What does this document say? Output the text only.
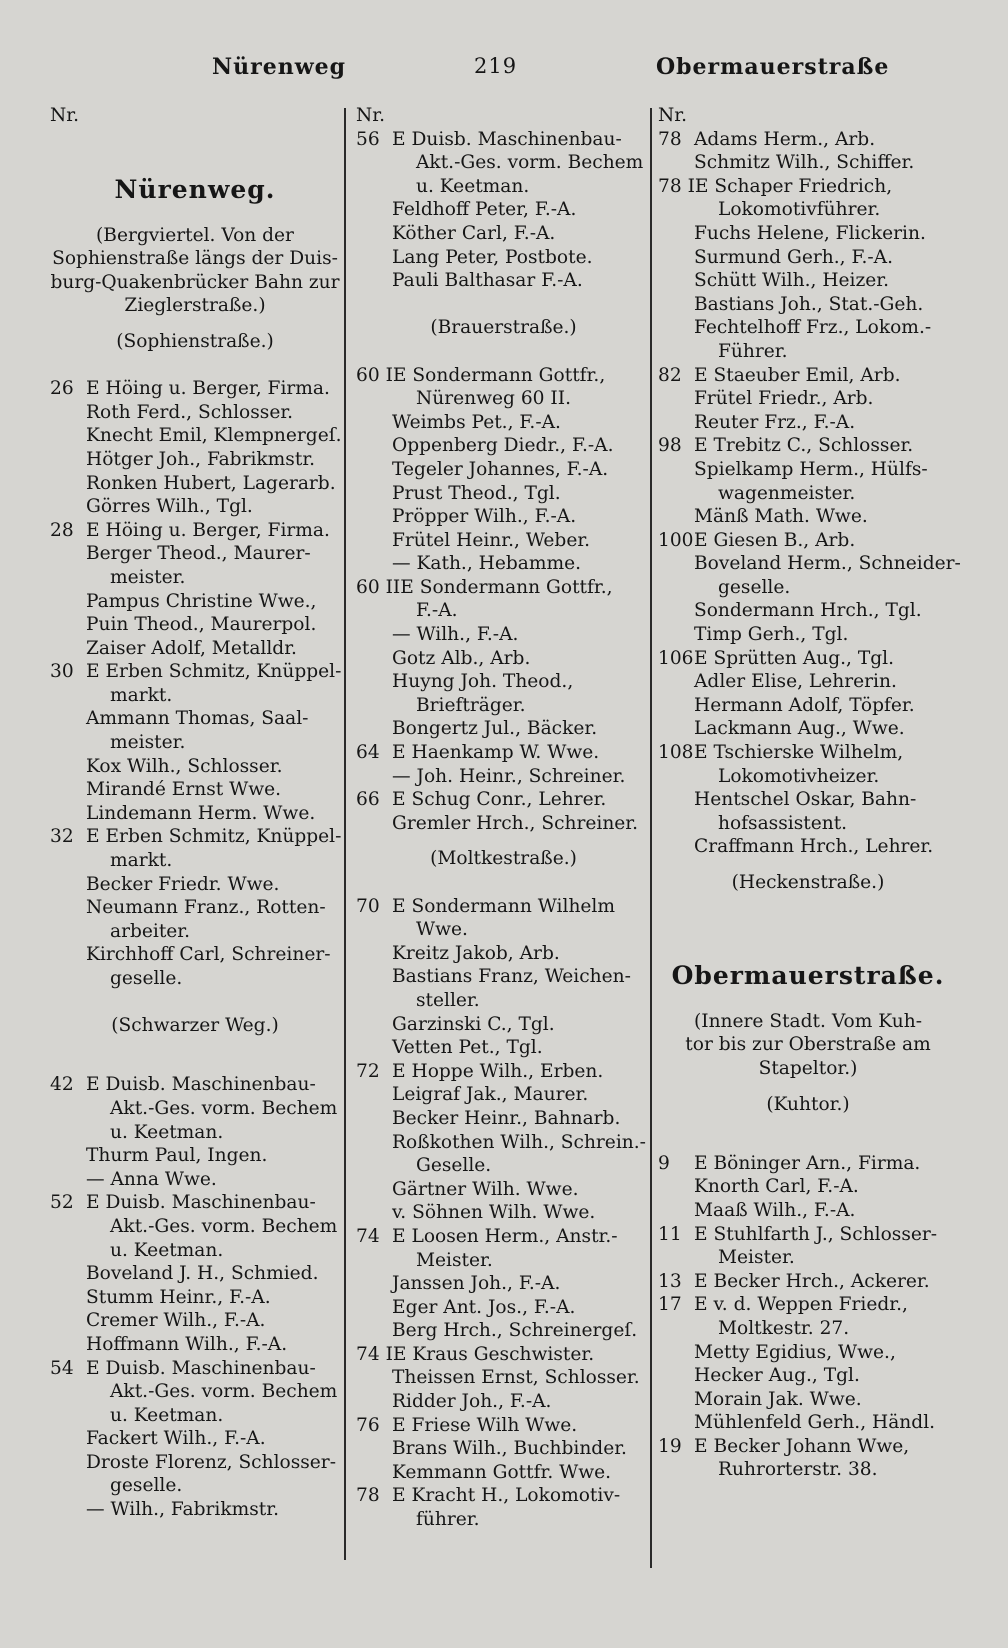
Nürenweg	219	Obermauerstraße
Nr.
Nürenweg.
(Bergviertel. Von der
Sophienstraße längs der Duis-
burg-Quakenbrücker Bahn zur
Zieglerstraße.)
(Sophienstraße.)
26 E Höing u. Berger, Firma.
Roth Ferd., Schlosser.
Knecht Emil, Klempnergeſ.
Hötger Joh., Fabrikmstr.
Ronken Hubert, Lagerarb.
Görres Wilh., Tgl.
28 E Höing u. Berger, Firma.
Berger Theod., Maurer-
meister.
Pampus Christine Wwe.,
Puin Theod., Maurerpol.
Zaiser Adolf, Metalldr.
30 E Erben Schmitz, Knüppel-
markt.
Ammann Thomas, Saal-
meister.
Kox Wilh., Schlosser.
Mirandé Ernst Wwe.
Lindemann Herm. Wwe.
32 E Erben Schmitz, Knüppel-
markt.
Becker Friedr. Wwe.
Neumann Franz., Rotten-
arbeiter.
Kirchhoff Carl, Schreiner-
geselle.
(Schwarzer Weg.)
42 E Duisb. Maschinenbau-
Akt.-Ges. vorm. Bechem
u. Keetman.
Thurm Paul, Ingen.
— Anna Wwe.
52 E Duisb. Maschinenbau-
Akt.-Ges. vorm. Bechem
u. Keetman.
Boveland J. H., Schmied.
Stumm Heinr., F.-A.
Cremer Wilh., F.-A.
Hoffmann Wilh., F.-A.
54 E Duisb. Maschinenbau-
Akt.-Ges. vorm. Bechem
u. Keetman.
Fackert Wilh., F.-A.
Droste Florenz, Schlosser-
geselle.
— Wilh., Fabrikmstr.
Nr.
56 E Duisb. Maschinenbau-
Akt.-Ges. vorm. Bechem
u. Keetman.
Feldhoff Peter, F.-A.
Köther Carl, F.-A.
Lang Peter, Postbote.
Pauli Balthasar F.-A.
(Brauerstraße.)
60 IE Sondermann Gottfr.,
Nürenweg 60 II.
Weimbs Pet., F.-A.
Oppenberg Diedr., F.-A.
Tegeler Johannes, F.-A.
Prust Theod., Tgl.
Pröpper Wilh., F.-A.
Frütel Heinr., Weber.
— Kath., Hebamme.
60 IIE Sondermann Gottfr.,
F.-A.
— Wilh., F.-A.
Gotz Alb., Arb.
Huyng Joh. Theod.,
Briefträger.
Bongertz Jul., Bäcker.
64 E Haenkamp W. Wwe.
— Joh. Heinr., Schreiner.
66 E Schug Conr., Lehrer.
Gremler Hrch., Schreiner.
(Moltkestraße.)
70 E Sondermann Wilhelm
Wwe.
Kreitz Jakob, Arb.
Bastians Franz, Weichen-
steller.
Garzinski C., Tgl.
Vetten Pet., Tgl.
72 E Hoppe Wilh., Erben.
Leigraf Jak., Maurer.
Becker Heinr., Bahnarb.
Roßkothen Wilh., Schrein.-
Geselle.
Gärtner Wilh. Wwe.
v. Söhnen Wilh. Wwe.
74 E Loosen Herm., Anstr.-
Meister.
Janssen Joh., F.-A.
Eger Ant. Jos., F.-A.
Berg Hrch., Schreinergeſ.
74 IE Kraus Geschwister.
Theissen Ernst, Schlosser.
Ridder Joh., F.-A.
76 E Friese Wilh Wwe.
Brans Wilh., Buchbinder.
Kemmann Gottfr. Wwe.
78 E Kracht H., Lokomotiv-
führer.
Nr.
78 Adams Herm., Arb.
Schmitz Wilh., Schiffer.
78 IE Schaper Friedrich,
Lokomotivführer.
Fuchs Helene, Flickerin.
Surmund Gerh., F.-A.
Schütt Wilh., Heizer.
Bastians Joh., Stat.-Geh.
Fechtelhoff Frz., Lokom.-
Führer.
82 E Staeuber Emil, Arb.
Frütel Friedr., Arb.
Reuter Frz., F.-A.
98 E Trebitz C., Schlosser.
Spielkamp Herm., Hülfs-
wagenmeister.
Mänß Math. Wwe.
100E Giesen B., Arb.
Boveland Herm., Schneider-
geselle.
Sondermann Hrch., Tgl.
Timp Gerh., Tgl.
106E Sprütten Aug., Tgl.
Adler Elise, Lehrerin.
Hermann Adolf, Töpfer.
Lackmann Aug., Wwe.
108E Tschierske Wilhelm,
Lokomotivheizer.
Hentschel Oskar, Bahn-
hofsassistent.
Craffmann Hrch., Lehrer.
(Heckenstraße.)
Obermauerstraße.
(Innere Stadt. Vom Kuh-
tor bis zur Oberstraße am
Stapeltor.)
(Kuhtor.)
9 E Böninger Arn., Firma.
Knorth Carl, F.-A.
Maaß Wilh., F.-A.
11 E Stuhlfarth J., Schlosser-
Meister.
13 E Becker Hrch., Ackerer.
17 E v. d. Weppen Friedr.,
Moltkestr. 27.
Metty Egidius, Wwe.,
Hecker Aug., Tgl.
Morain Jak. Wwe.
Mühlenfeld Gerh., Händl.
19 E Becker Johann Wwe,
Ruhrorterstr. 38.
